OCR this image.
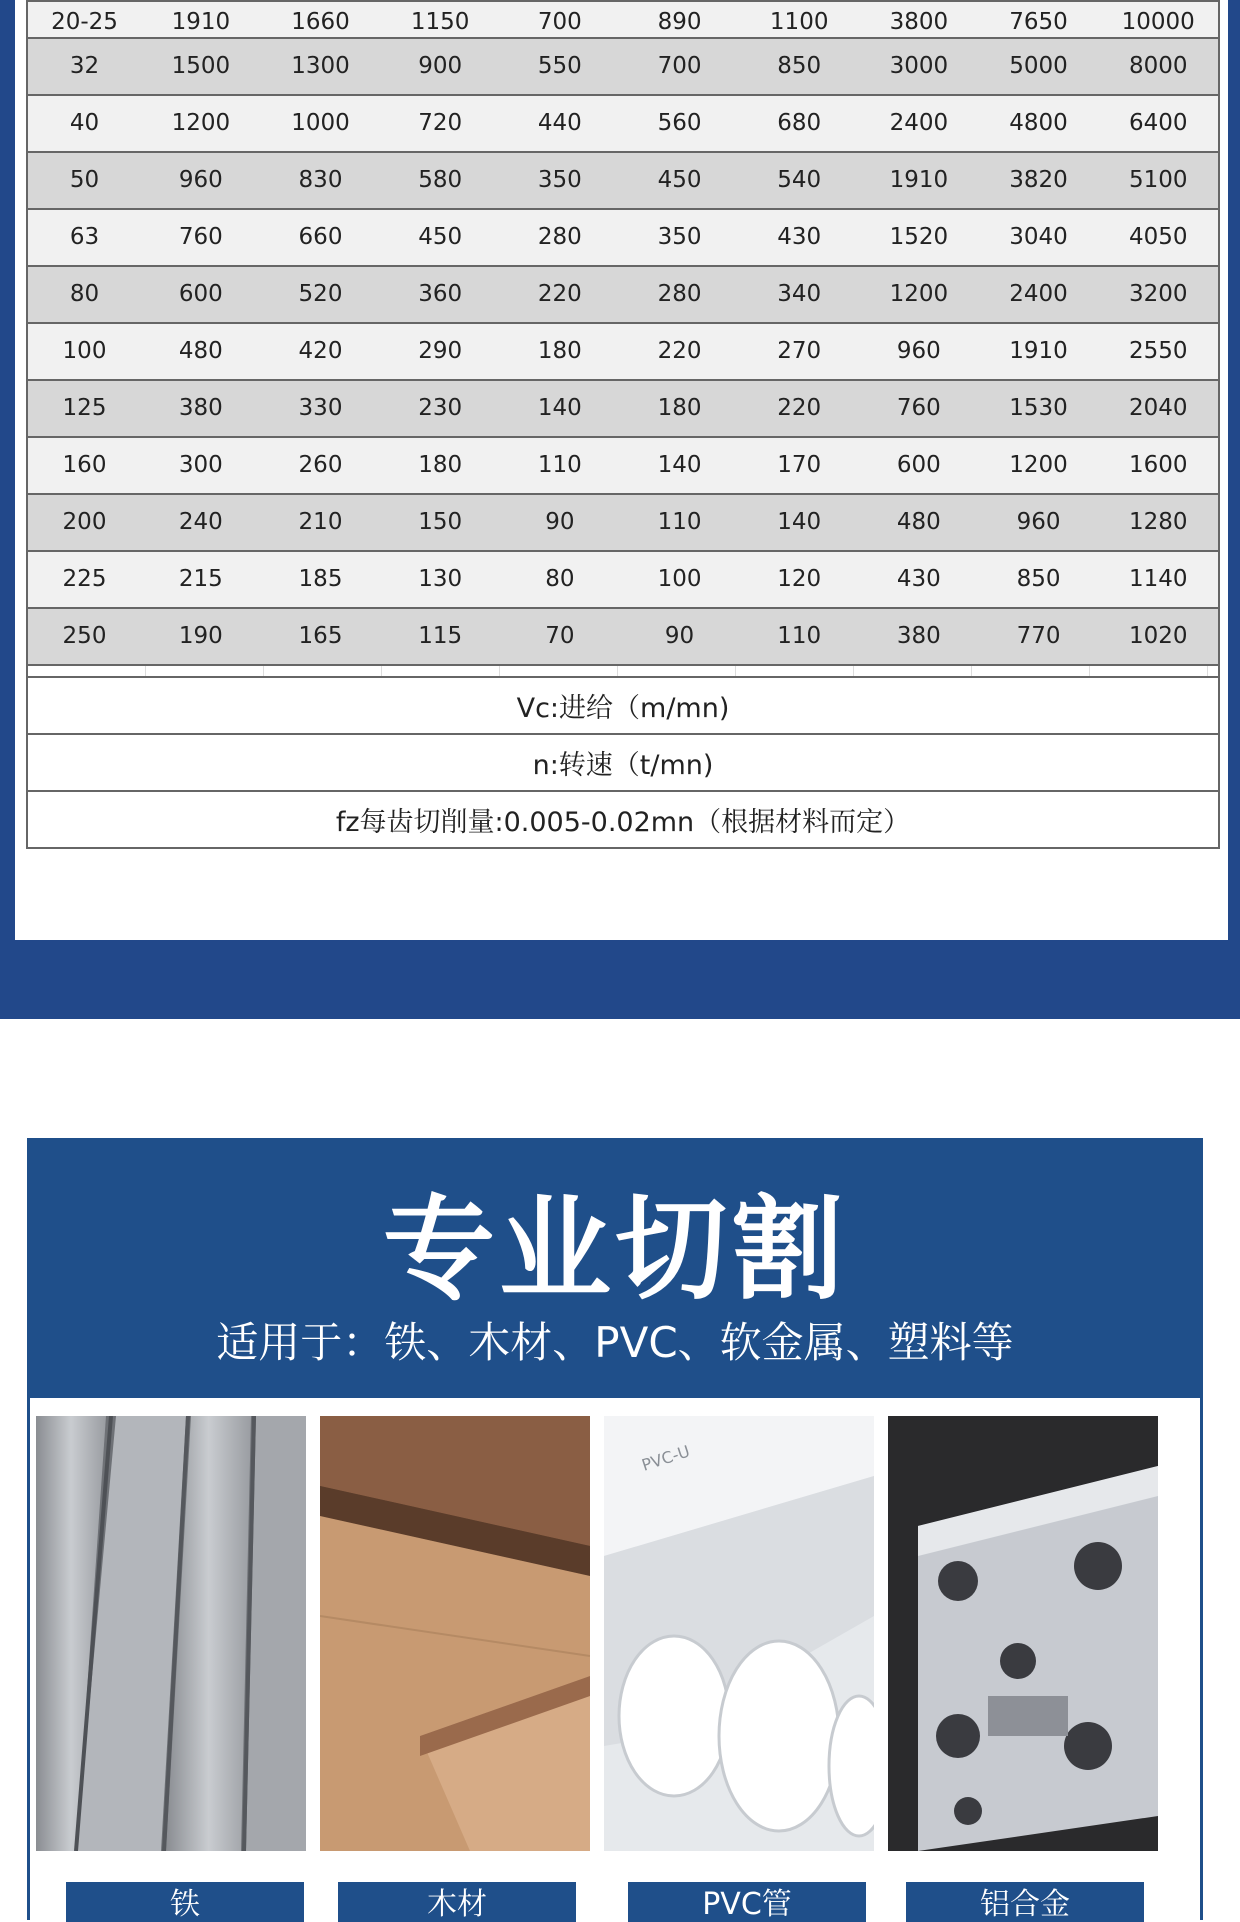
20-25	1910	1660	1150	700	890	1100	3800	7650	10000
32	1500	1300	900	550	700	850	3000	5000	8000
40	1200	1000	720	440	560	680	2400	4800	6400
50	960	830	580	350	450	540	1910	3820	5100
63	760	660	450	280	350	430	1520	3040	4050
80	600	520	360	220	280	340	1200	2400	3200
100	480	420	290	180	220	270	960	1910	2550
125	380	330	230	140	180	220	760	1530	2040
160	300	260	180	110	140	170	600	1200	1600
200	240	210	150	90	110	140	480	960	1280
225	215	185	130	80	100	120	430	850	1140
250	190	165	115	70	90	110	380	770	1020
Vc:进给（m/mn)
n:转速（t/mn)
fz每齿切削量:0.005-0.02mn（根据材料而定）
专业切割
适用于：铁、木材、PVC、软金属、塑料等
PVC-U
铁	木材	PVC管	铝合金
